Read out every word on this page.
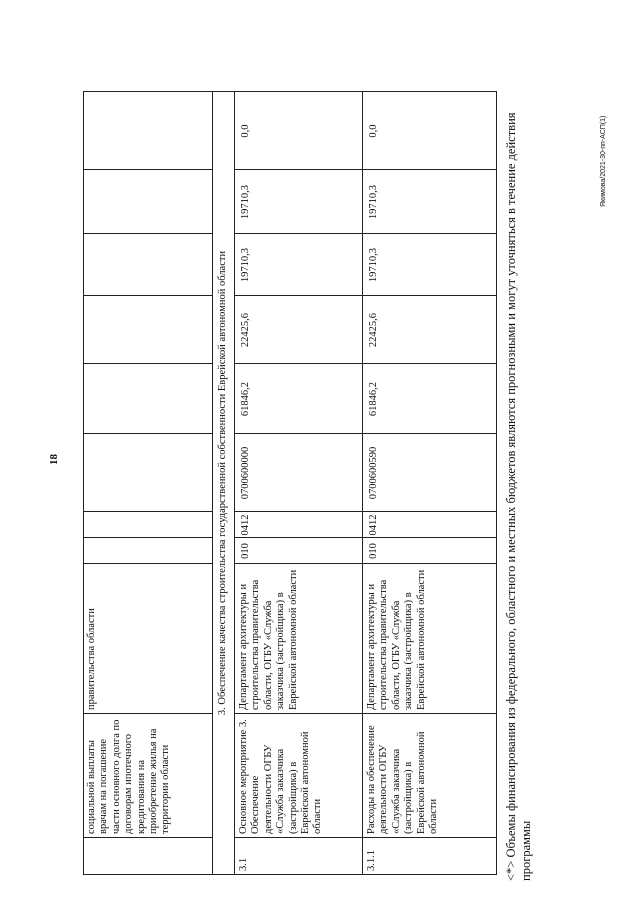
18
Якимова/2021-30-пп-АСП(1)
социальной выплаты врачам на погашение части основного долга по договорам ипотечного кредитования на приобретение жилья на территории области
правительства области	3. Обеспечение качества строительства государственной собственности Еврейской автономной области
3.1
Основное мероприятие 3. Обеспечение деятельности ОГБУ «Служба заказчика (застройщика) в Еврейской автономной области
Департамент архитектуры и строительства правительства области, ОГБУ «Служба заказчика (застройщика) в Еврейской автономной области
010
0412
0700600000
61846,2
22425,6
19710,3
19710,3
0,0
3.1.1
Расходы на обеспечение деятельности ОГБУ «Служба заказчика (застройщика) в Еврейской автономной области
Департамент архитектуры и строительства правительства области, ОГБУ «Служба заказчика (застройщика) в Еврейской автономной области
010
0412
0700600590
61846,2
22425,6
19710,3
19710,3
0,0	<*> Объемы финансирования из федерального, областного и местных бюджетов являются прогнозными и могут уточняться в течение действия программы
